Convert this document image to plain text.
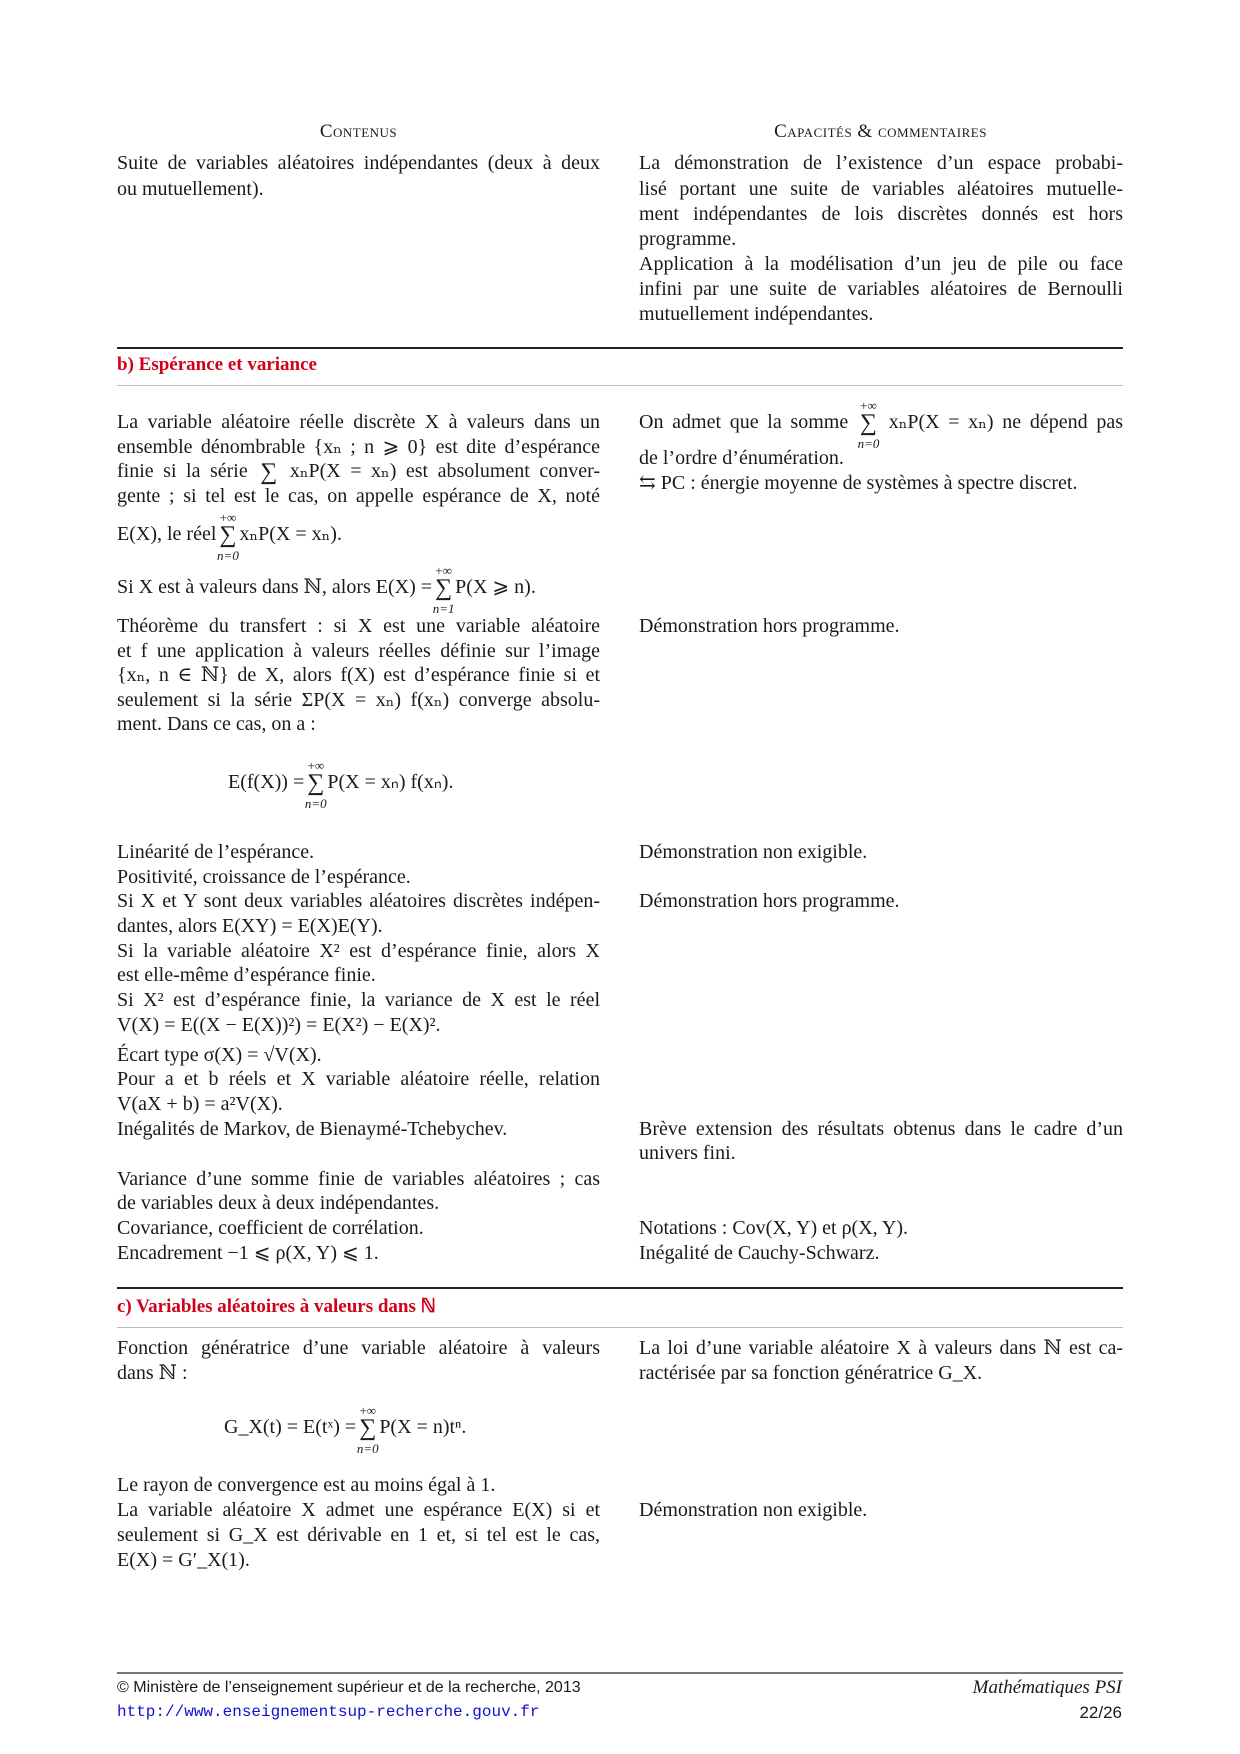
Contenus	Capacités & commentaires
Suite de variables aléatoires indépendantes (deux à deux
ou mutuellement).
La démonstration de l’existence d’un espace probabi-
lisé portant une suite de variables aléatoires mutuelle-
ment indépendantes de lois discrètes donnés est hors
programme.
Application à la modélisation d’un jeu de pile ou face
infini par une suite de variables aléatoires de Bernoulli
mutuellement indépendantes.
b) Espérance et variance
La variable aléatoire réelle discrète X à valeurs dans un
ensemble dénombrable {xₙ ; n ⩾ 0} est dite d’espérance
finie si la série ∑ xₙP(X = xₙ) est absolument conver-
gente ; si tel est le cas, on appelle espérance de X, noté
E(X), le réel
+∞
∑
n=0
xₙP(X = xₙ).
Si X est à valeurs dans ℕ, alors E(X) =
+∞
∑
n=1
P(X ⩾ n).
Théorème du transfert : si X est une variable aléatoire
et f une application à valeurs réelles définie sur l’image
{xₙ, n ∈ ℕ} de X, alors f(X) est d’espérance finie si et
seulement si la série ΣP(X = xₙ) f(xₙ) converge absolu-
ment. Dans ce cas, on a :
E(f(X)) =
+∞
∑
n=0
P(X = xₙ) f(xₙ).
Linéarité de l’espérance.
Positivité, croissance de l’espérance.
Si X et Y sont deux variables aléatoires discrètes indépen-
dantes, alors E(XY) = E(X)E(Y).
Si la variable aléatoire X² est d’espérance finie, alors X
est elle-même d’espérance finie.
Si X² est d’espérance finie, la variance de X est le réel
V(X) = E((X − E(X))²) = E(X²) − E(X)².
Écart type σ(X) = √V(X).
Pour a et b réels et X variable aléatoire réelle, relation
V(aX + b) = a²V(X).
Inégalités de Markov, de Bienaymé-Tchebychev.
Variance d’une somme finie de variables aléatoires ; cas
de variables deux à deux indépendantes.
Covariance, coefficient de corrélation.
Encadrement −1 ⩽ ρ(X, Y) ⩽ 1.
On admet que la somme
+∞
∑
n=0
xₙP(X = xₙ) ne dépend pas
de l’ordre d’énumération.
⇆ PC : énergie moyenne de systèmes à spectre discret.
Démonstration hors programme.
Démonstration non exigible.
Démonstration hors programme.
Brève extension des résultats obtenus dans le cadre d’un
univers fini.
Notations : Cov(X, Y) et ρ(X, Y).
Inégalité de Cauchy-Schwarz.
c) Variables aléatoires à valeurs dans ℕ
Fonction génératrice d’une variable aléatoire à valeurs
dans ℕ :
G_X(t) = E(tˣ) =
+∞
∑
n=0
P(X = n)tⁿ.
Le rayon de convergence est au moins égal à 1.
La variable aléatoire X admet une espérance E(X) si et
seulement si G_X est dérivable en 1 et, si tel est le cas,
E(X) = G′_X(1).
La loi d’une variable aléatoire X à valeurs dans ℕ est ca-
ractérisée par sa fonction génératrice G_X.
Démonstration non exigible.
© Ministère de l’enseignement supérieur et de la recherche, 2013
http://www.enseignementsup-recherche.gouv.fr
Mathématiques PSI
22/26
